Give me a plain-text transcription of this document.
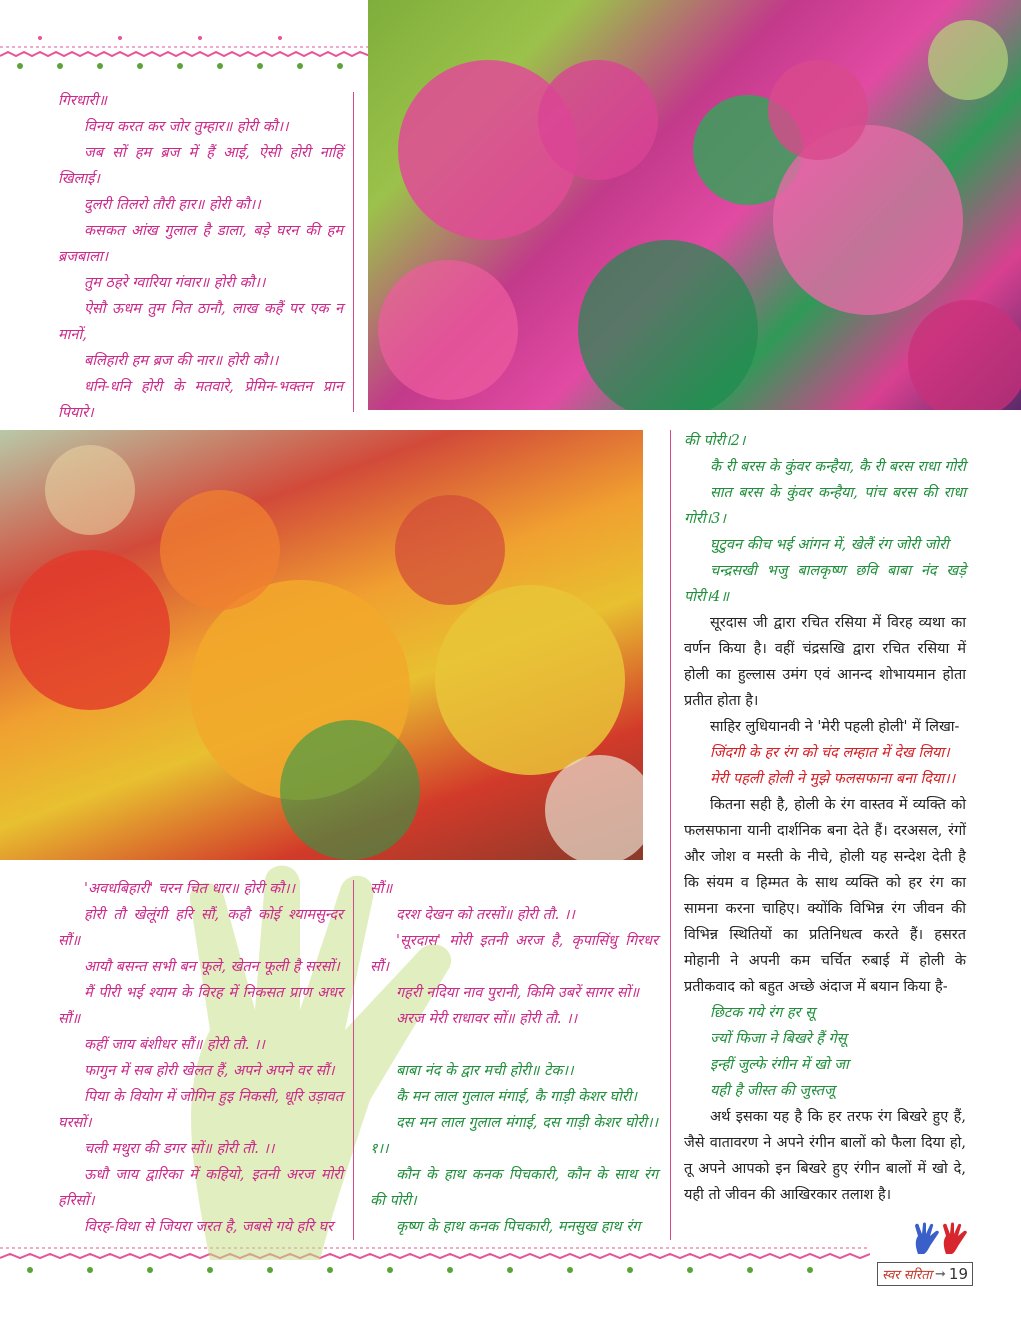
गिरधारी॥

विनय करत कर जोर तुम्हार॥ होरी कौ।।

जब सों हम ब्रज में हैं आई, ऐसी होरी नाहिं खिलाई।

दुलरी तिलरो तौरी हार॥ होरी कौ।।

कसकत आंख गुलाल है डाला, बड़े घरन की हम ब्रजबाला।

तुम ठहरे ग्वारिया गंवार॥ होरी कौ।।

ऐसौ ऊधम तुम नित ठानौ, लाख कहैं पर एक न मानों,

बलिहारी हम ब्रज की नार॥ होरी कौ।।

धनि-धनि होरी के मतवारे, प्रेमिन-भक्तन प्रान पियारे।

'अवधबिहारी' चरन चित धार॥ होरी कौ।।

होरी तौ खेलूंगी हरि सौं, कहौ कोई श्यामसुन्दर सौं॥

आयौ बसन्त सभी बन फूले, खेतन फूली है सरसों।

मैं पीरी भई श्याम के विरह में निकसत प्राण अधर सौं॥

कहीं जाय बंशीधर सौं॥ होरी तौ. ।।

फागुन में सब होरी खेलत हैं, अपने अपने वर सौं।

पिया के वियोग में जोगिन हुइ निकसी, धूरि उड़ावत घरसों।

चली मथुरा की डगर सों॥ होरी तौ. ।।

ऊधौ जाय द्वारिका में कहियो, इतनी अरज मोरी हरिसों।

विरह-विथा से जियरा जरत है, जबसे गये हरि घर

सौं॥

दरश देखन को तरसों॥ होरी तौ. ।।

'सूरदास' मोरी इतनी अरज है, कृपासिंधु गिरधर सौं।

गहरी नदिया नाव पुरानी, किमि उबरें सागर सों॥

अरज मेरी राधावर सों॥ होरी तौ. ।।

बाबा नंद के द्वार मची होरी॥ टेक।।

कै मन लाल गुलाल मंगाई, कै गाड़ी केशर घोरी।

दस मन लाल गुलाल मंगाई, दस गाड़ी केशर घोरी।। १।।

कौन के हाथ कनक पिचकारी, कौन के साथ रंग की पोरी।

कृष्ण के हाथ कनक पिचकारी, मनसुख हाथ रंग

की पोरी।2।

कै री बरस के कुंवर कन्हैया, कै री बरस राधा गोरी

सात बरस के कुंवर कन्हैया, पांच बरस की राधा गोरी।3।

घुटुवन कीच भई आंगन में, खेलैं रंग जोरी जोरी

चन्द्रसखी भजु बालकृष्ण छवि बाबा नंद खड़े पोरी।4॥

सूरदास जी द्वारा रचित रसिया में विरह व्यथा का वर्णन किया है। वहीं चंद्रसखि द्वारा रचित रसिया में होली का हुल्लास उमंग एवं आनन्द शोभायमान होता प्रतीत होता है।

साहिर लुधियानवी ने 'मेरी पहली होली' में लिखा-

जिंदगी के हर रंग को चंद लम्हात में देख लिया।

मेरी पहली होली ने मुझे फलसफाना बना दिया।।

कितना सही है, होली के रंग वास्तव में व्यक्ति को फलसफाना यानी दार्शनिक बना देते हैं। दरअसल, रंगों और जोश व मस्ती के नीचे, होली यह सन्देश देती है कि संयम व हिम्मत के साथ व्यक्ति को हर रंग का सामना करना चाहिए। क्योंकि विभिन्न रंग जीवन की विभिन्न स्थितियों का प्रतिनिधत्व करते हैं। हसरत मोहानी ने अपनी कम चर्चित रुबाई में होली के प्रतीकवाद को बहुत अच्छे अंदाज में बयान किया है-

छिटक गये रंग हर सू

ज्यों फिजा ने बिखरे हैं गेसू

इन्हीं जुल्फे रंगीन में खो जा

यही है जीस्त की जुस्तजू

अर्थ इसका यह है कि हर तरफ रंग बिखरे हुए हैं, जैसे वातावरण ने अपने रंगीन बालों को फैला दिया हो, तू अपने आपको इन बिखरे हुए रंगीन बालों में खो दे, यही तो जीवन की आखिरकार तलाश है।

स्वर सरिता ➞ 19
